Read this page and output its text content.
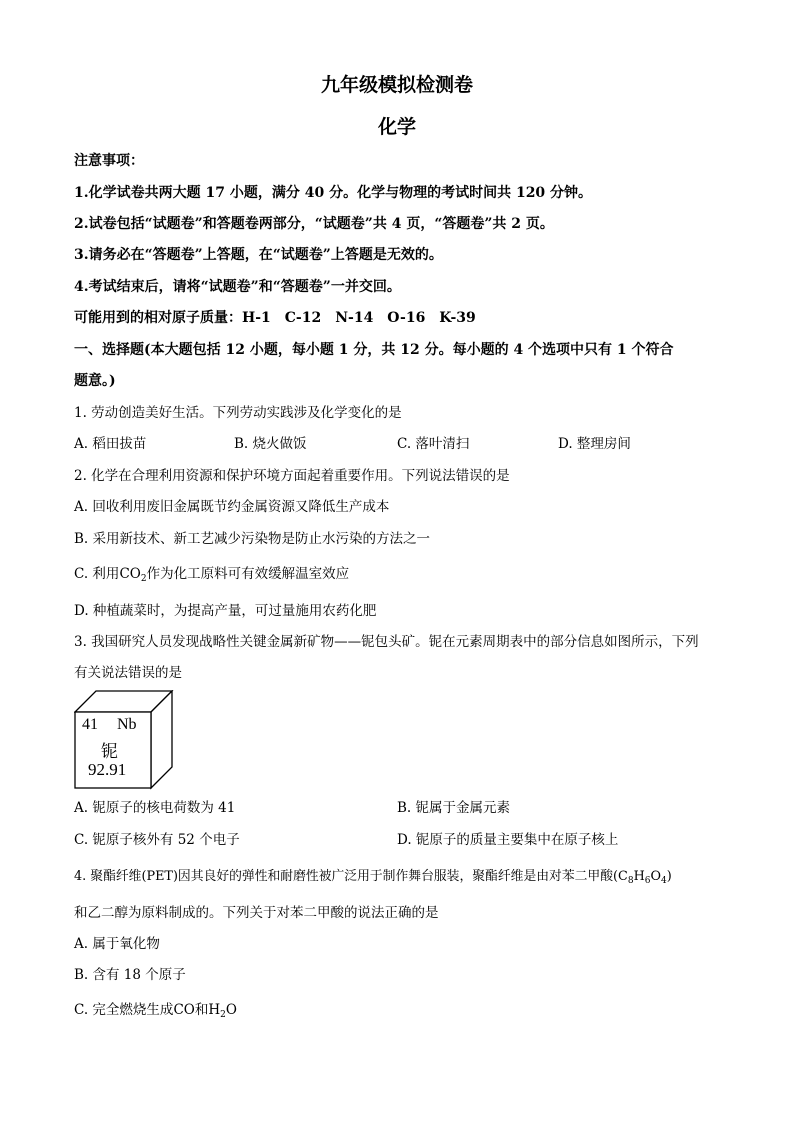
九年级模拟检测卷
化学
注意事项：
1.化学试卷共两大题 17 小题，满分 40 分。化学与物理的考试时间共 120 分钟。
2.试卷包括“试题卷”和答题卷两部分，“试题卷”共 4 页，“答题卷”共 2 页。
3.请务必在“答题卷”上答题，在“试题卷”上答题是无效的。
4.考试结束后，请将“试题卷”和“答题卷”一并交回。
可能用到的相对原子质量：H-1　C-12　N-14　O-16　K-39
一、选择题(本大题包括 12 小题，每小题 1 分，共 12 分。每小题的 4 个选项中只有 1 个符合
题意。)
1. 劳动创造美好生活。下列劳动实践涉及化学变化的是
A. 稻田拔苗	B. 烧火做饭	C. 落叶清扫	D. 整理房间
2. 化学在合理利用资源和保护环境方面起着重要作用。下列说法错误的是
A. 回收利用废旧金属既节约金属资源又降低生产成本
B. 采用新技术、新工艺减少污染物是防止水污染的方法之一
C. 利用$CO_2$作为化工原料可有效缓解温室效应
D. 种植蔬菜时，为提高产量，可过量施用农药化肥
3. 我国研究人员发现战略性关键金属新矿物——铌包头矿。铌在元素周期表中的部分信息如图所示，下列
有关说法错误的是
41 Nb
铌
92.91
A. 铌原子的核电荷数为 41	B. 铌属于金属元素
C. 铌原子核外有 52 个电子	D. 铌原子的质量主要集中在原子核上
4. 聚酯纤维(PET)因其良好的弹性和耐磨性被广泛用于制作舞台服装，聚酯纤维是由对苯二甲酸$(C_8H_6O_4)$
和乙二醇为原料制成的。下列关于对苯二甲酸的说法正确的是
A. 属于氧化物
B. 含有 18 个原子
C. 完全燃烧生成CO和$H_2O$
